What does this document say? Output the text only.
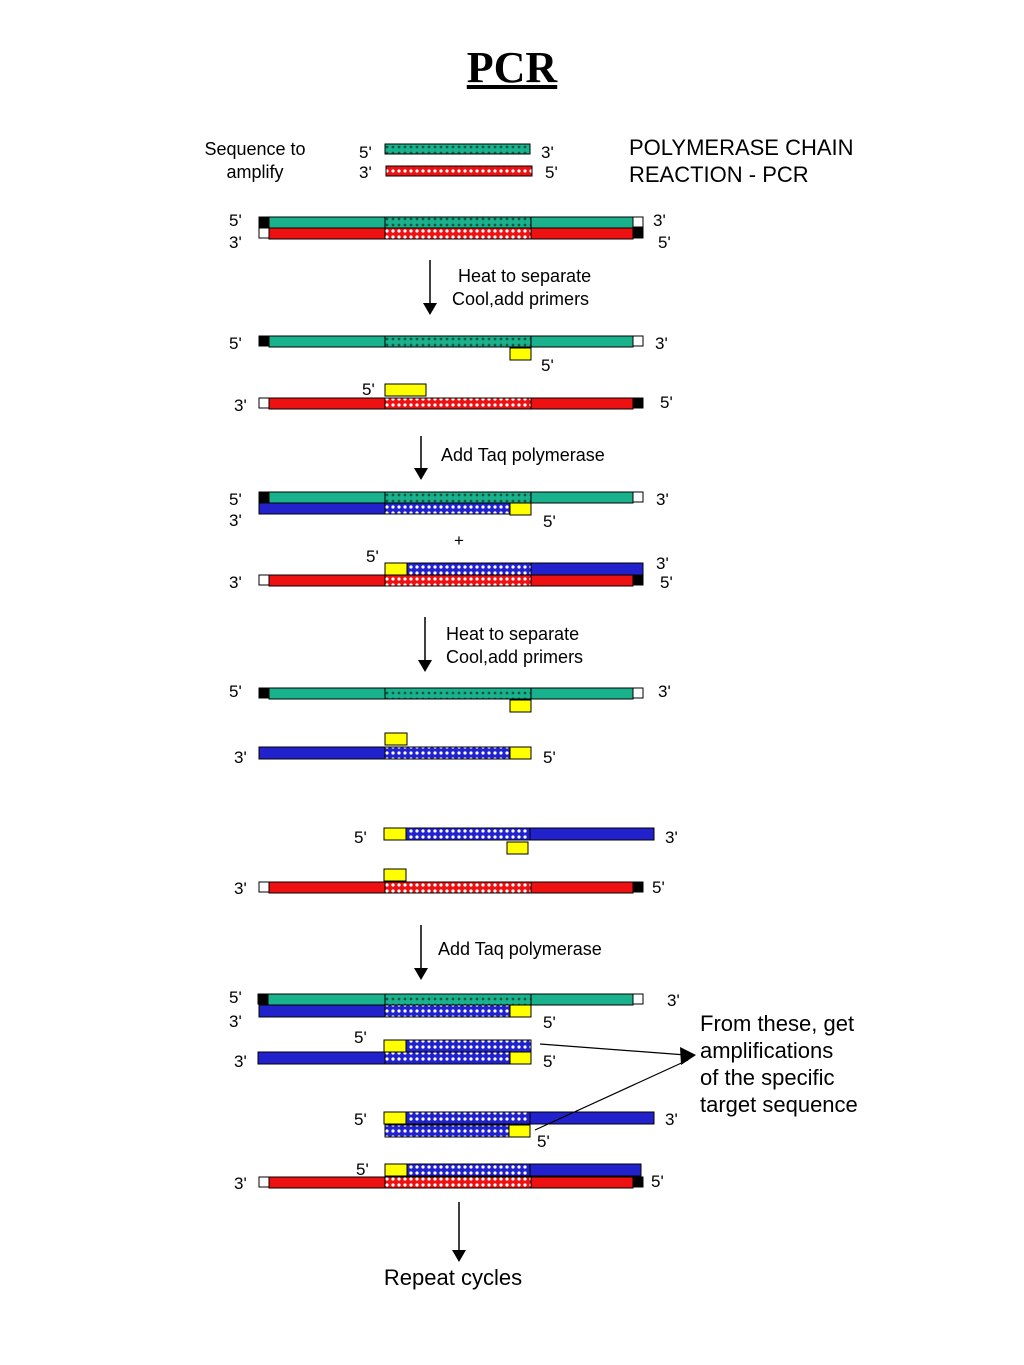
PCR
Sequence to
amplify
5'	3'
3'	5'
POLYMERASE CHAIN
REACTION - PCR
5'
3'
3'
5'
Heat to separate
Cool,add primers
5'	3'
5'
5'
3'	5'
Add Taq polymerase
5'
3'
3'
5'
+
5'	3'
3'	5'
Heat to separate
Cool,add primers
5'	3'
3'	5'
5'	3'
3'	5'
Add Taq polymerase
5'
3'
3'
5'
5'
3'	5'
5'	3'
5'
5'
3'	5'
From these, get
amplifications
of the specific
target sequence
Repeat cycles
